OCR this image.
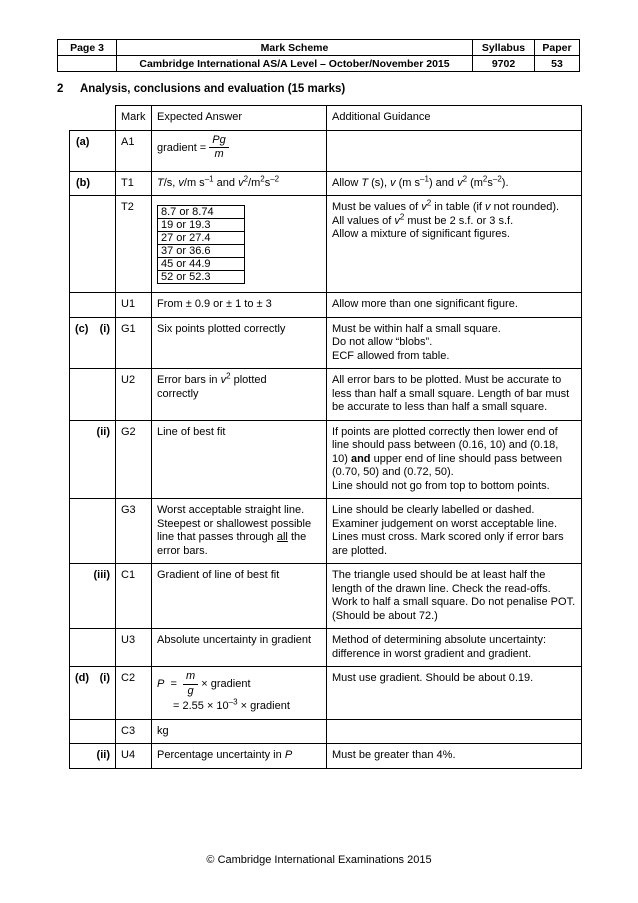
Page 3	Mark Scheme	Syllabus	Paper
	Cambridge International AS/A Level – October/November 2015	9702	53
2 Analysis, conclusions and evaluation (15 marks)
	Mark	Expected Answer	Additional Guidance
(a)	A1	gradient = $\frac{Pg}{m}$

(b)	T1	T/s, v/m $s^{-1}$ and $v^2/m^2s^{-2}$	Allow T (s), v (m $s^{-1}$) and $v^2$ $(m^2s^{-2})$.
	T2	8.7 or 8.74
19 or 19.3
27 or 27.4
37 or 36.6
45 or 44.9
52 or 52.3
	Must be values of $v^2$ in table (if v not rounded).
All values of $v^2$ must be 2 s.f. or 3 s.f.
Allow a mixture of significant figures.
	U1	From ± 0.9 or ± 1 to ± 3	Allow more than one significant figure.

(c) (i)	G1	Six points plotted correctly	Must be within half a small square.
Do not allow “blobs”.
ECF allowed from table.
	U2	Error bars in $v^2$ plotted
correctly	All error bars to be plotted. Must be accurate to less than half a small square. Length of bar must be accurate to less than half a small square.
(ii)	G2	Line of best fit	If points are plotted correctly then lower end of line should pass between (0.16, 10) and (0.18, 10) and upper end of line should pass between (0.70, 50) and (0.72, 50).
Line should not go from top to bottom points.
	G3	Worst acceptable straight line. Steepest or shallowest possible line that passes through all the error bars.	Line should be clearly labelled or dashed. Examiner judgement on worst acceptable line. Lines must cross. Mark scored only if error bars are plotted.
(iii)	C1	Gradient of line of best fit	The triangle used should be at least half the length of the drawn line. Check the read-offs. Work to half a small square. Do not penalise POT. (Should be about 72.)
	U3	Absolute uncertainty in gradient	Method of determining absolute uncertainty: difference in worst gradient and gradient.

(d) (i)	C2	$P = \frac{m}{g}$ × gradient
= $2.55 \times 10^{-3}$ × gradient
	Must use gradient. Should be about 0.19.
	C3	kg	
(ii)	U4	Percentage uncertainty in P	Must be greater than 4%.
© Cambridge International Examinations 2015
